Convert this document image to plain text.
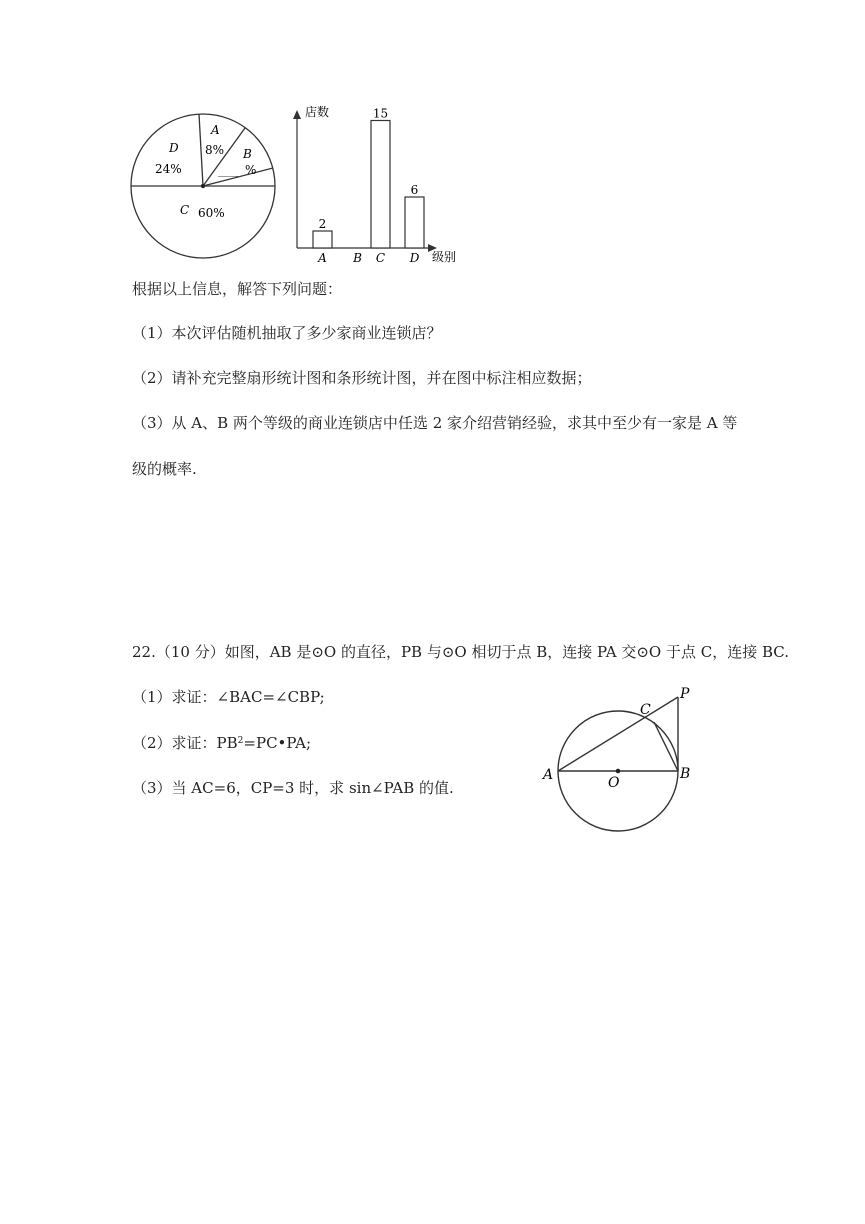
D
24%
A
8% B
____ %
C 60%
店数
级别
2
A B
15
C
6
D
根据以上信息，解答下列问题：
（1）本次评估随机抽取了多少家商业连锁店？
（2）请补充完整扇形统计图和条形统计图，并在图中标注相应数据；
（3）从 A、B 两个等级的商业连锁店中任选 2 家介绍营销经验，求其中至少有一家是 A 等
级的概率.
22.（10 分）如图，AB 是⊙O 的直径，PB 与⊙O 相切于点 B，连接 PA 交⊙O 于点 C，连接 BC.
（1）求证：∠BAC=∠CBP;
（2）求证：$PB^2=PC•PA$;
（3）当 AC=6，CP=3 时，求 sin∠PAB 的值.
A	B
C
P
O
